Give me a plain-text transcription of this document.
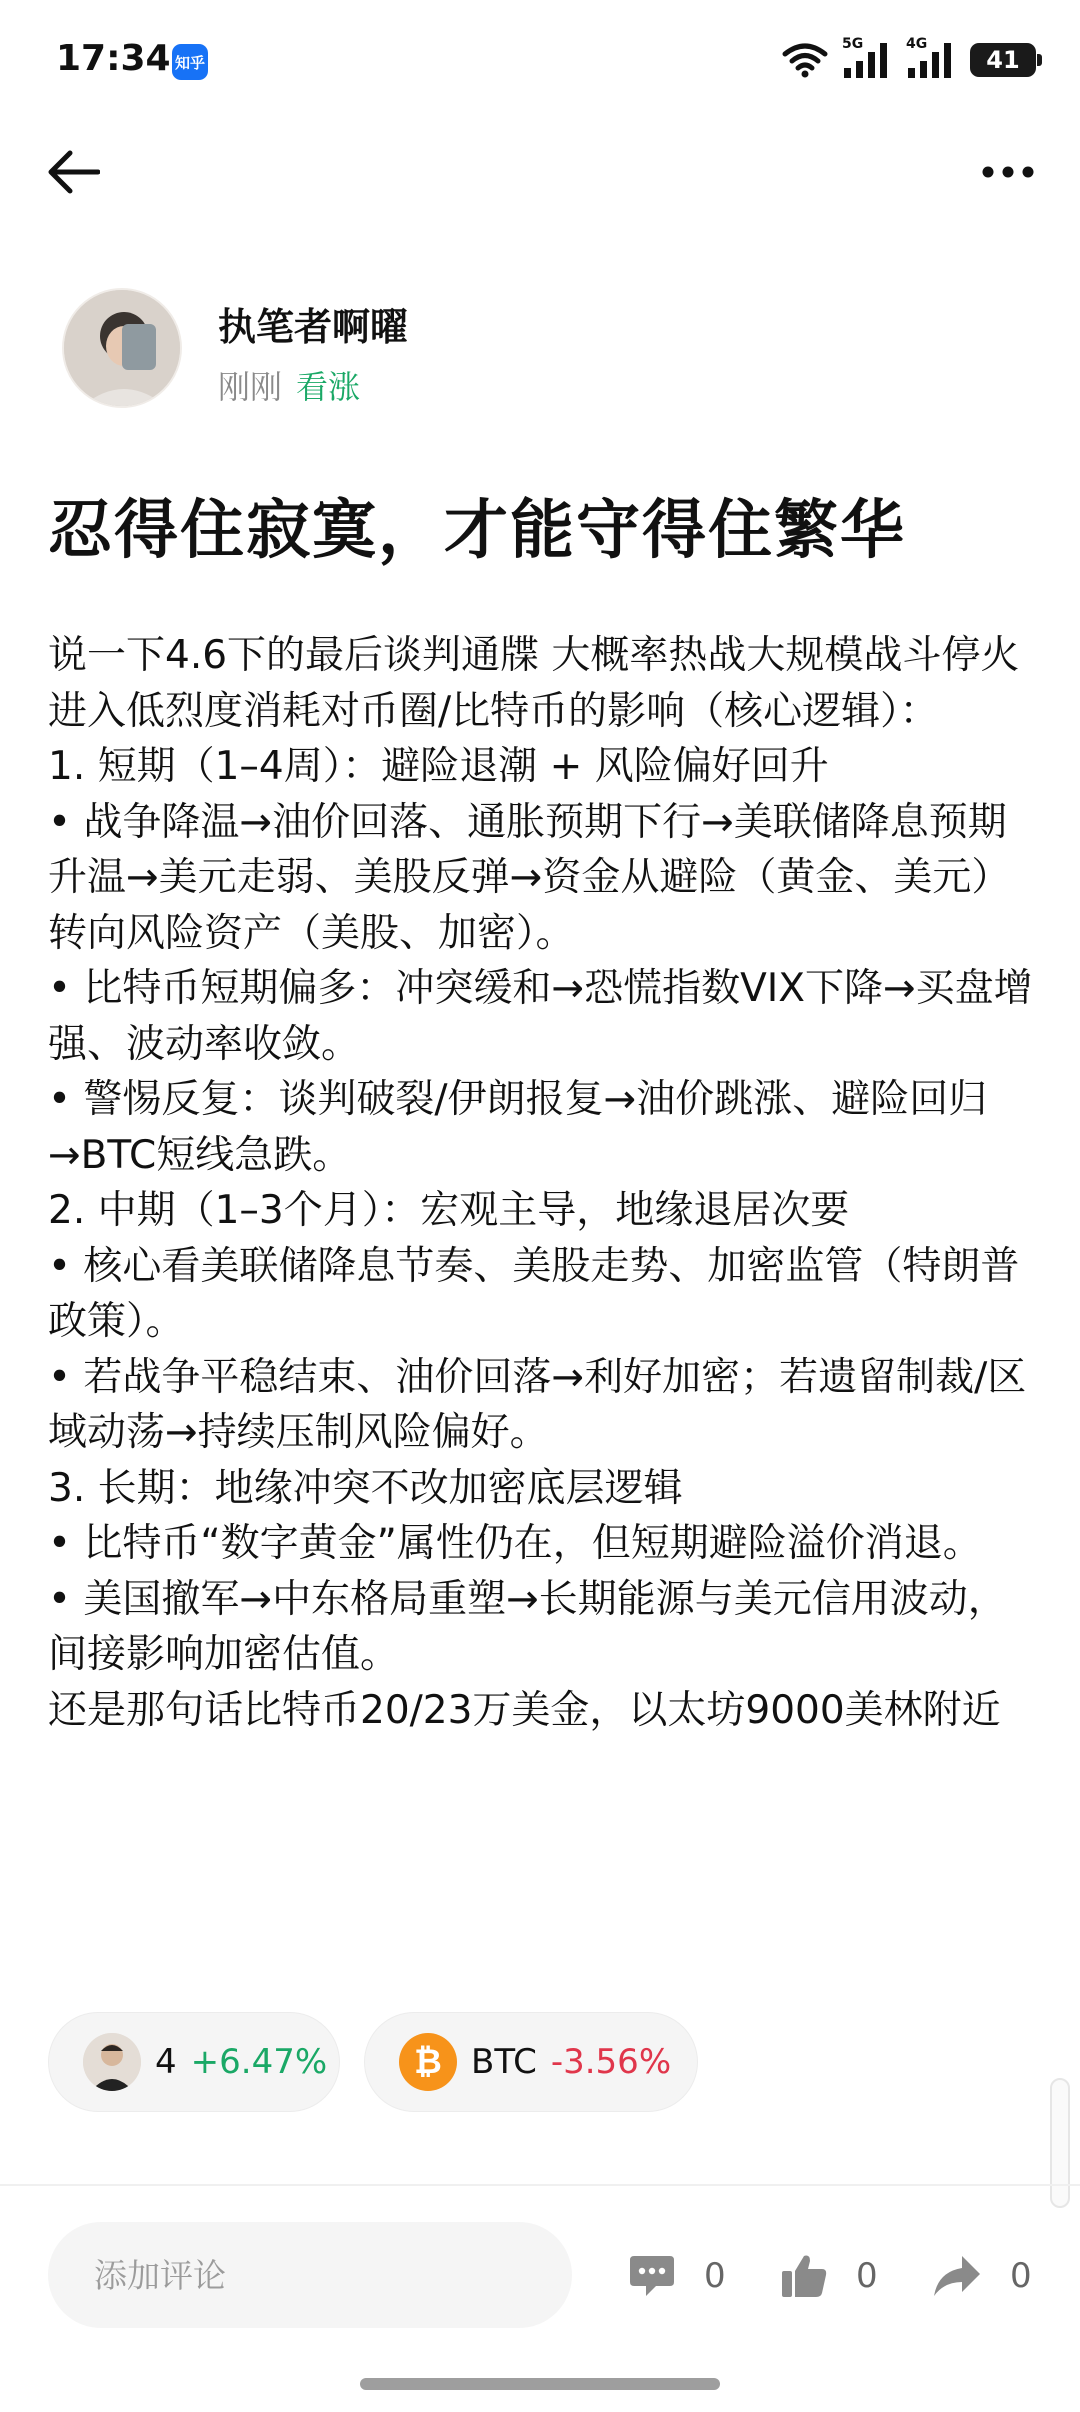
17:34 知乎
5G	4G
41
执笔者啊曜
刚刚 看涨
忍得住寂寞，才能守得住繁华

说一下4.6下的最后谈判通牒 大概率热战大规模战斗停火 进入低烈度消耗对币圈/比特币的影响（核心逻辑）：

1. 短期（1–4周）：避险退潮 + 风险偏好回升

• 战争降温→油价回落、通胀预期下行→美联储降息预期升温→美元走弱、美股反弹→资金从避险（黄金、美元）转向风险资产（美股、加密）。

• 比特币短期偏多：冲突缓和→恐慌指数VIX下降→买盘增强、波动率收敛。

• 警惕反复：谈判破裂/伊朗报复→油价跳涨、避险回归→BTC短线急跌。

2. 中期（1–3个月）：宏观主导，地缘退居次要

• 核心看美联储降息节奏、美股走势、加密监管（特朗普政策）。

• 若战争平稳结束、油价回落→利好加密；若遗留制裁/区域动荡→持续压制风险偏好。

3. 长期：地缘冲突不改加密底层逻辑

• 比特币“数字黄金”属性仍在，但短期避险溢价消退。

• 美国撤军→中东格局重塑→长期能源与美元信用波动，间接影响加密估值。

还是那句话比特币20/23万美金，以太坊9000美林附近

4 +6.47%	₿ BTC -3.56%
添加评论
0	0	0
